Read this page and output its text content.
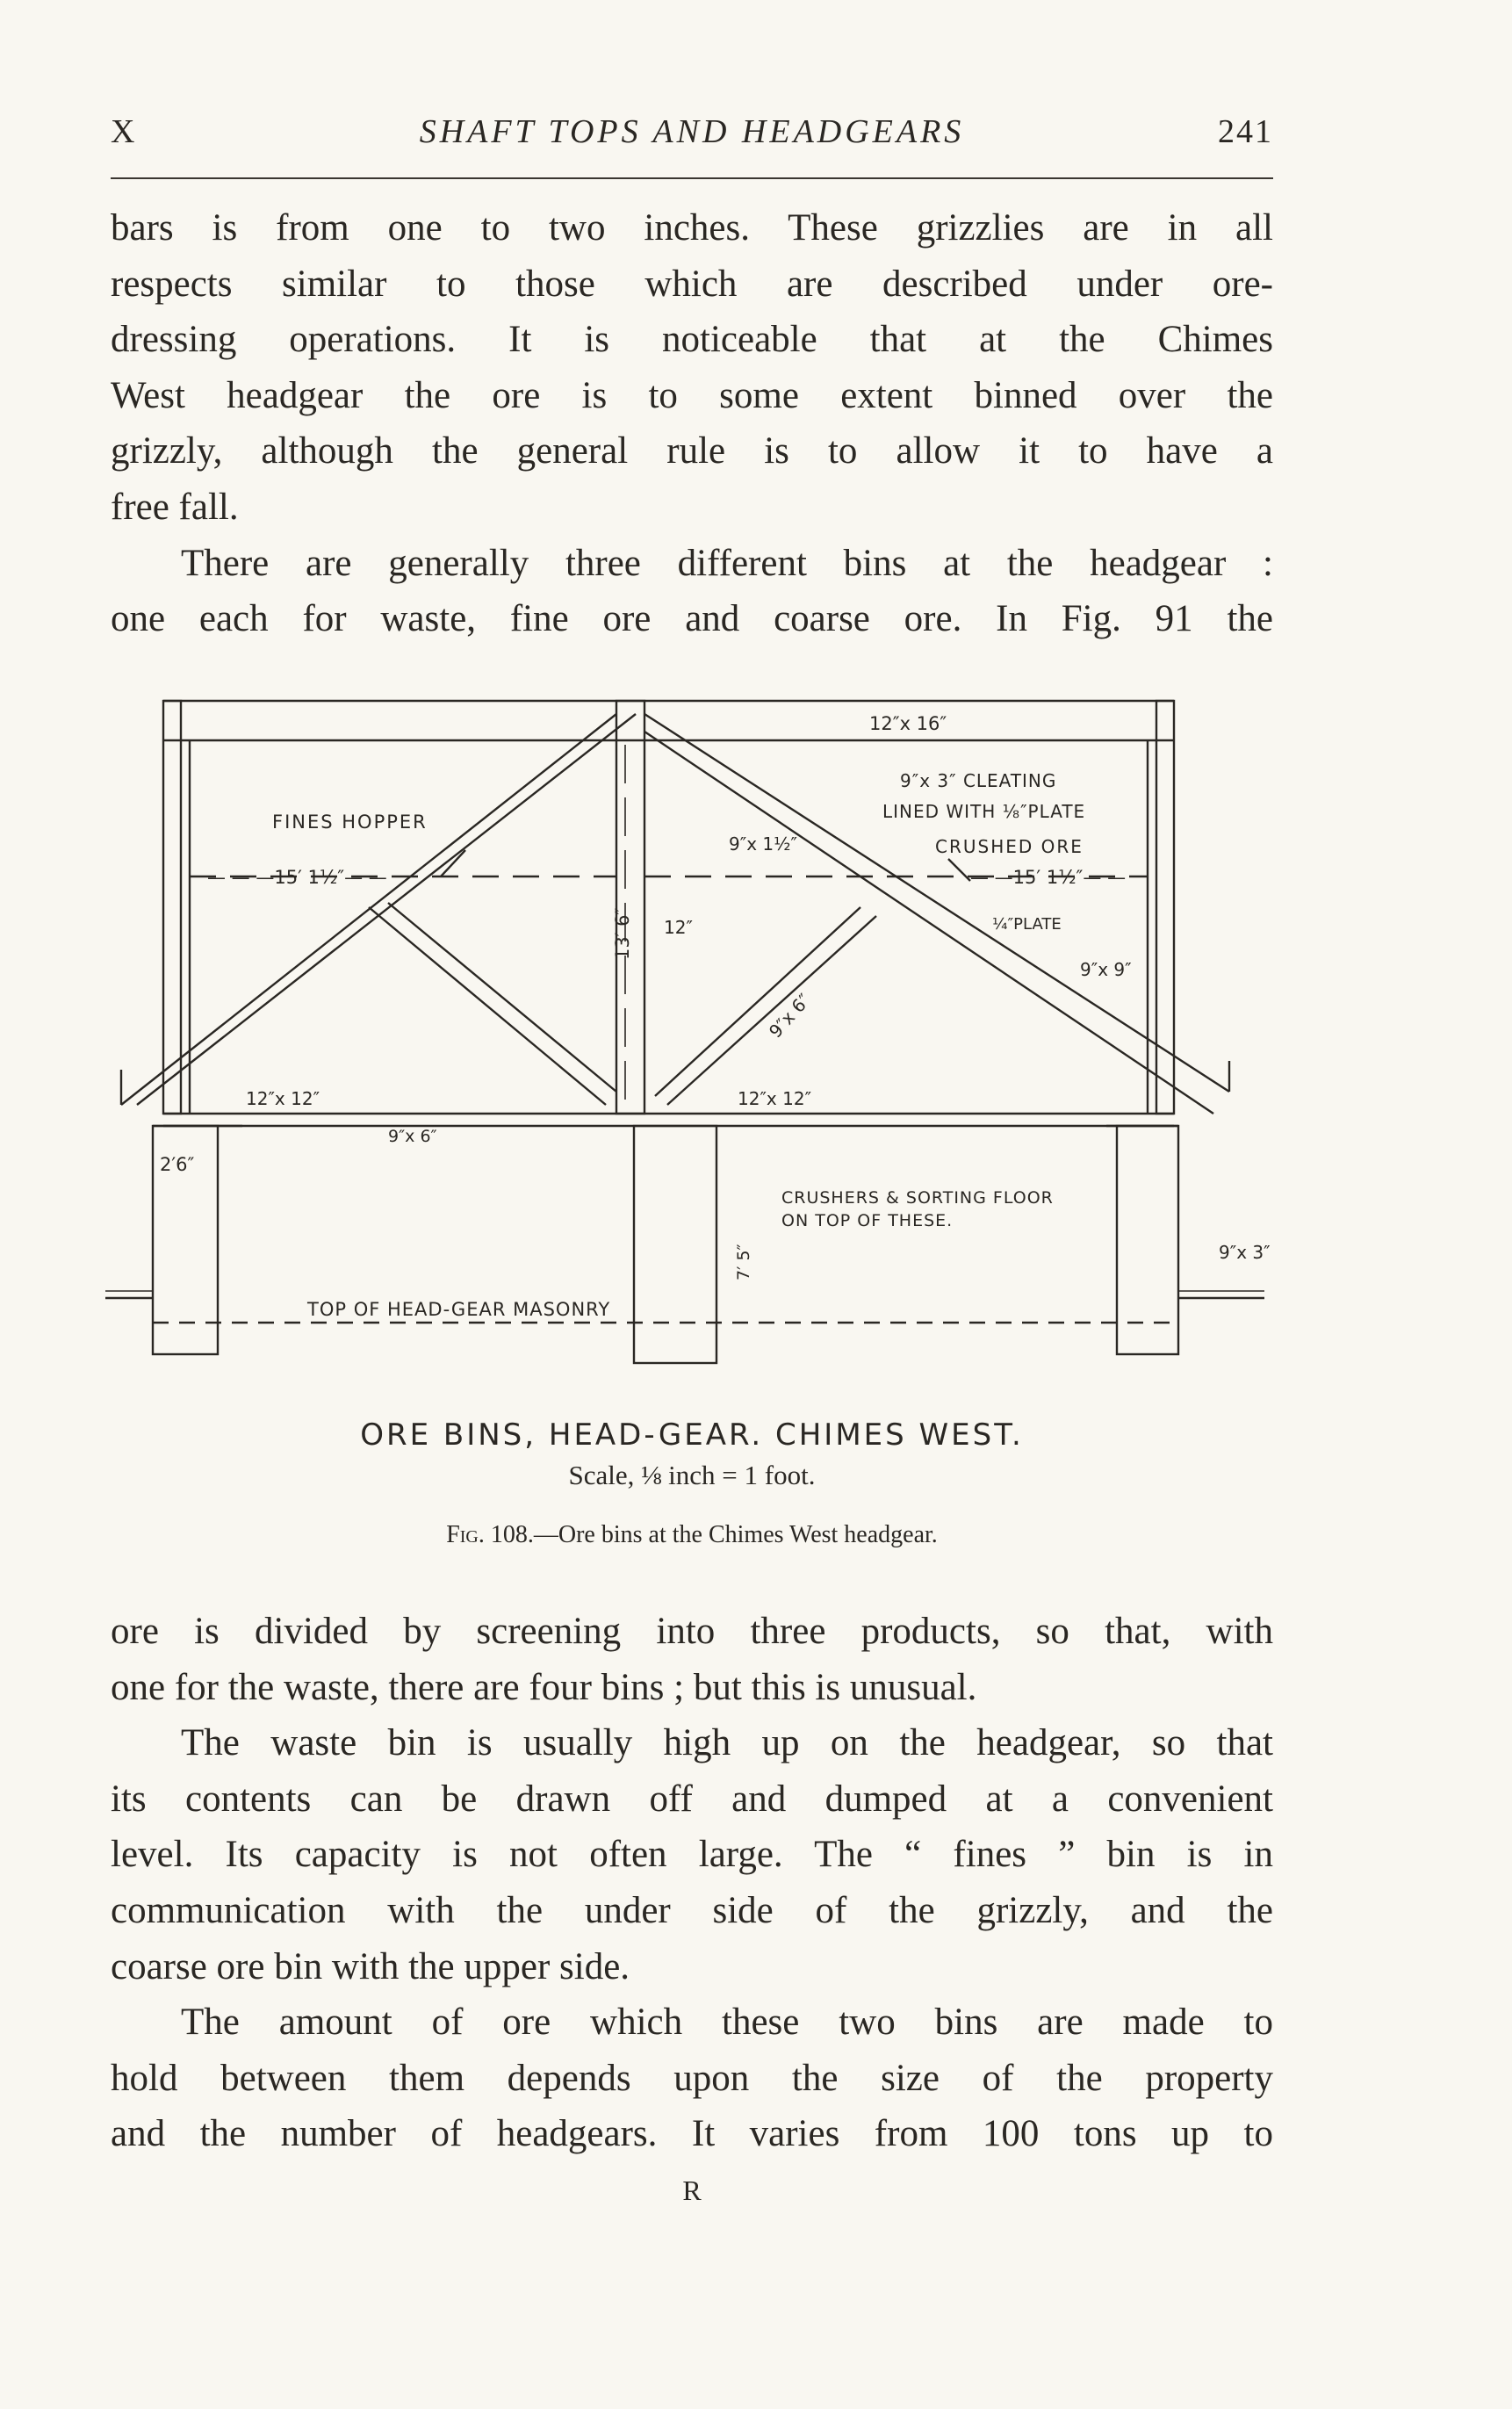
X	SHAFT TOPS AND HEADGEARS	241

bars is from one to two inches. These grizzlies are in all

respects similar to those which are described under ore-

dressing operations. It is noticeable that at the Chimes

West headgear the ore is to some extent binned over the

grizzly, although the general rule is to allow it to have a

free fall.

There are generally three different bins at the headgear :

one each for waste, fine ore and coarse ore. In Fig. 91 the

12″x 16″
FINES HOPPER
— — —15′ 1½″— —
9″x 3″ CLEATING
LINED WITH ⅛″PLATE
CRUSHED ORE
— —15′ 1½″— —
9″x 1½″
13′ 6″ 12″	¼″PLATE
9″x 9″
9″x 6″
12″x 12″	12″x 12″
9″x 6″
2′6″
CRUSHERS & SORTING FLOOR
ON TOP OF THESE.
7′ 5″
TOP OF HEAD-GEAR MASONRY
9″x 3″
ORE BINS, HEAD-GEAR. CHIMES WEST.
Scale, ⅛ inch = 1 foot.
Fig. 108.—Ore bins at the Chimes West headgear.

ore is divided by screening into three products, so that, with

one for the waste, there are four bins ; but this is unusual.

The waste bin is usually high up on the headgear, so that

its contents can be drawn off and dumped at a convenient

level. Its capacity is not often large. The “ fines ” bin is in

communication with the under side of the grizzly, and the

coarse ore bin with the upper side.

The amount of ore which these two bins are made to

hold between them depends upon the size of the property

and the number of headgears. It varies from 100 tons up to

R
